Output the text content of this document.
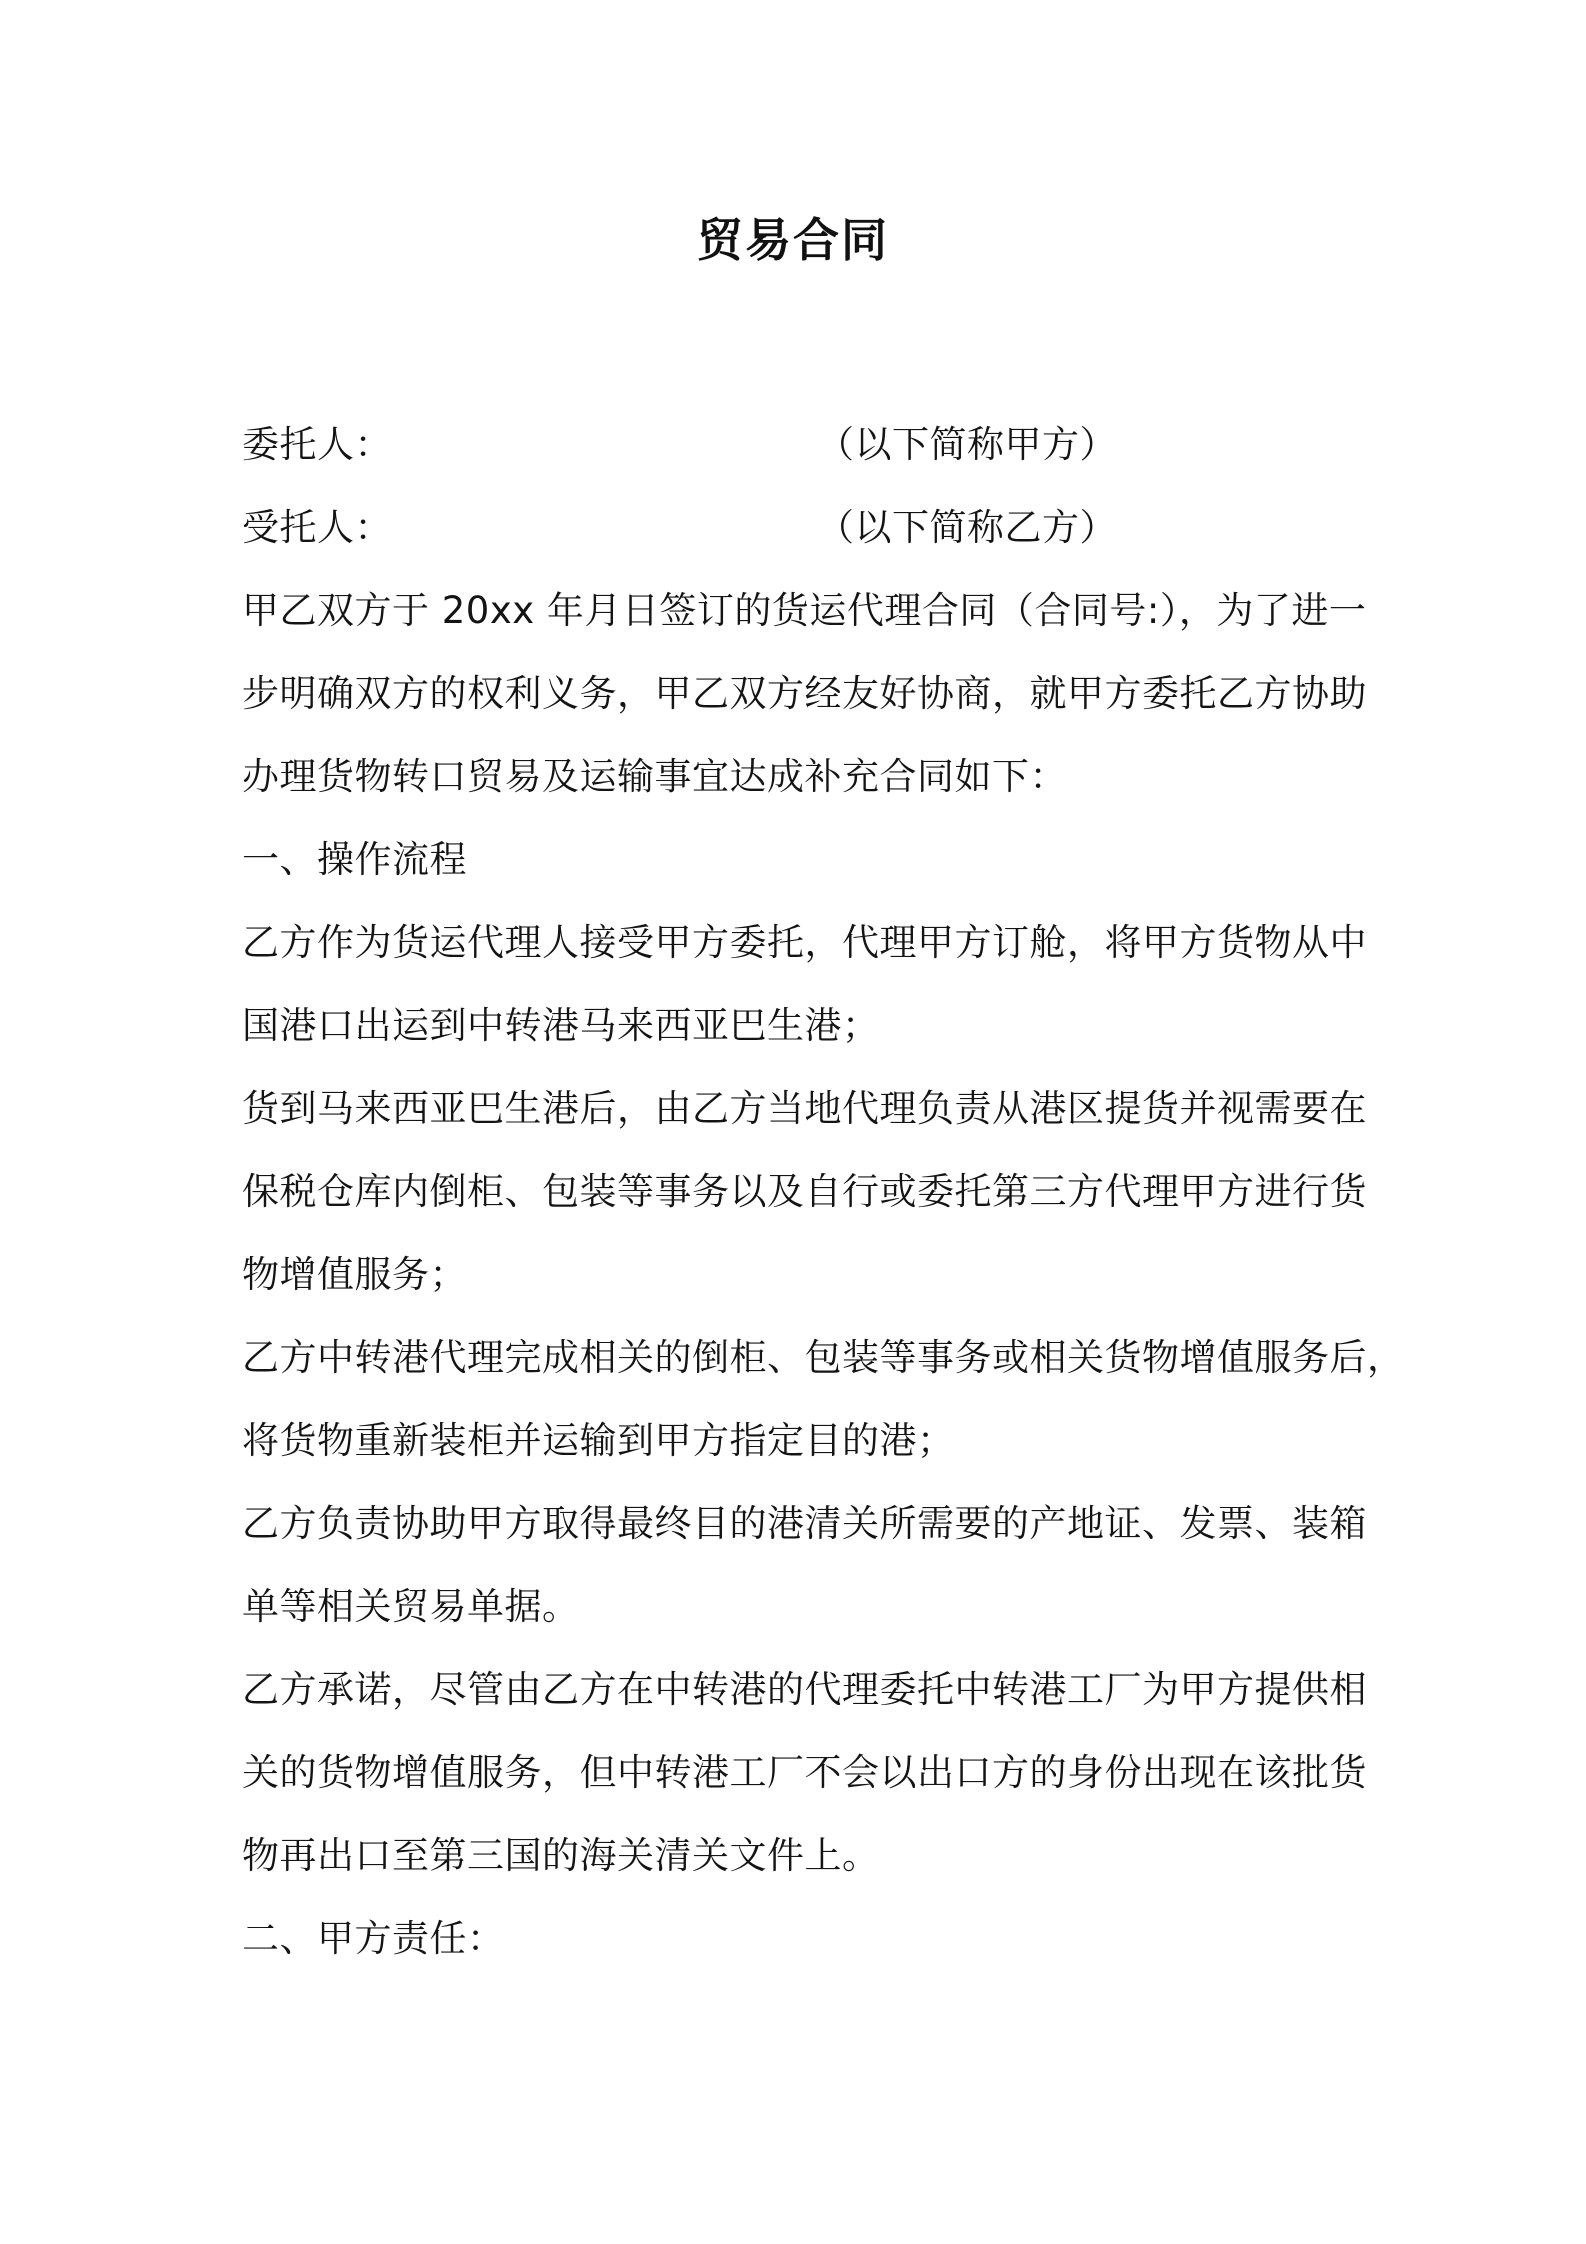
贸易合同
委托人：	（以下简称甲方）
受托人：	（以下简称乙方）
甲乙双方于 20xx 年月日签订的货运代理合同（合同号:），为了进一
步明确双方的权利义务，甲乙双方经友好协商，就甲方委托乙方协助
办理货物转口贸易及运输事宜达成补充合同如下：
一、操作流程
乙方作为货运代理人接受甲方委托，代理甲方订舱，将甲方货物从中
国港口出运到中转港马来西亚巴生港；
货到马来西亚巴生港后，由乙方当地代理负责从港区提货并视需要在
保税仓库内倒柜、包装等事务以及自行或委托第三方代理甲方进行货
物增值服务；
乙方中转港代理完成相关的倒柜、包装等事务或相关货物增值服务后，
将货物重新装柜并运输到甲方指定目的港；
乙方负责协助甲方取得最终目的港清关所需要的产地证、发票、装箱
单等相关贸易单据。
乙方承诺，尽管由乙方在中转港的代理委托中转港工厂为甲方提供相
关的货物增值服务，但中转港工厂不会以出口方的身份出现在该批货
物再出口至第三国的海关清关文件上。
二、甲方责任：
